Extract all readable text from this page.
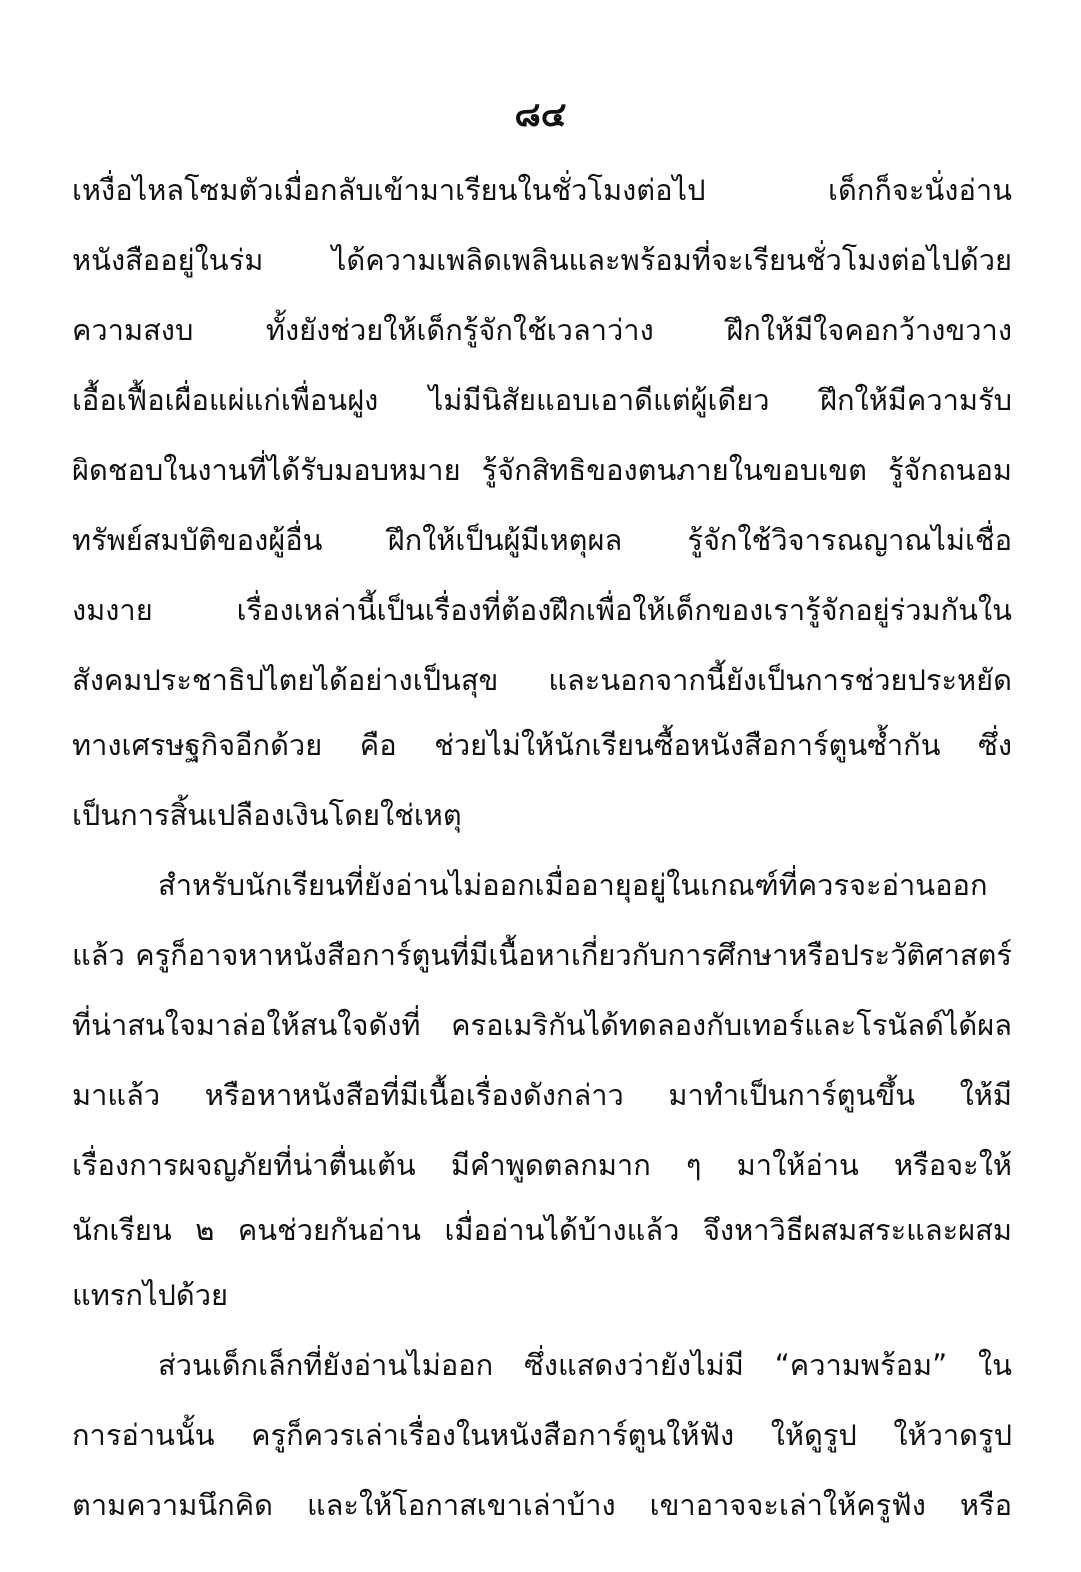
๘๔
เหงื่อไหลโซมตัวเมื่อกลับเข้ามาเรียนในชั่วโมงต่อไป เด็กก็จะนั่งอ่าน
หนังสืออยู่ในร่ม ได้ความเพลิดเพลินและพร้อมที่จะเรียนชั่วโมงต่อไปด้วย
ความสงบ ทั้งยังช่วยให้เด็กรู้จักใช้เวลาว่าง ฝึกให้มีใจคอกว้างขวาง
เอื้อเฟื้อเผื่อแผ่แก่เพื่อนฝูง ไม่มีนิสัยแอบเอาดีแต่ผู้เดียว ฝึกให้มีความรับ
ผิดชอบในงานที่ได้รับมอบหมาย รู้จักสิทธิของตนภายในขอบเขต รู้จักถนอม
ทรัพย์สมบัติของผู้อื่น ฝึกให้เป็นผู้มีเหตุผล รู้จักใช้วิจารณญาณไม่เชื่อ
งมงาย เรื่องเหล่านี้เป็นเรื่องที่ต้องฝึกเพื่อให้เด็กของเรารู้จักอยู่ร่วมกันใน
สังคมประชาธิปไตยได้อย่างเป็นสุข และนอกจากนี้ยังเป็นการช่วยประหยัด
ทางเศรษฐกิจอีกด้วย คือ ช่วยไม่ให้นักเรียนซื้อหนังสือการ์ตูนซ้ำกัน ซึ่ง
เป็นการสิ้นเปลืองเงินโดยใช่เหตุ
สำหรับนักเรียนที่ยังอ่านไม่ออกเมื่ออายุอยู่ในเกณฑ์ที่ควรจะอ่านออก
แล้ว ครูก็อาจหาหนังสือการ์ตูนที่มีเนื้อหาเกี่ยวกับการศึกษาหรือประวัติศาสตร์
ที่น่าสนใจมาล่อให้สนใจดังที่ ครอเมริกันได้ทดลองกับเทอร์และโรนัลด์ได้ผล
มาแล้ว หรือหาหนังสือที่มีเนื้อเรื่องดังกล่าว มาทำเป็นการ์ตูนขึ้น ให้มี
เรื่องการผจญภัยที่น่าตื่นเต้น มีคำพูดตลกมาก ๆ มาให้อ่าน หรือจะให้
นักเรียน ๒ คนช่วยกันอ่าน เมื่ออ่านได้บ้างแล้ว จึงหาวิธีผสมสระและผสม
แทรกไปด้วย
ส่วนเด็กเล็กที่ยังอ่านไม่ออก ซึ่งแสดงว่ายังไม่มี “ความพร้อม” ใน
การอ่านนั้น ครูก็ควรเล่าเรื่องในหนังสือการ์ตูนให้ฟัง ให้ดูรูป ให้วาดรูป
ตามความนึกคิด และให้โอกาสเขาเล่าบ้าง เขาอาจจะเล่าให้ครูฟัง หรือ
